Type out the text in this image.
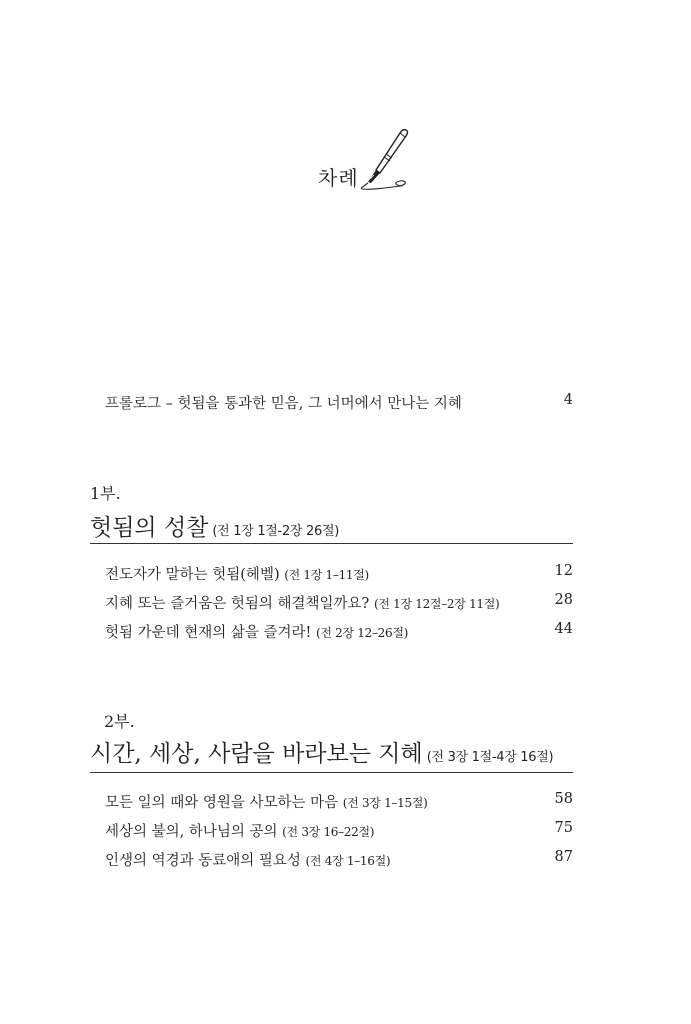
차례
프롤로그 – 헛됨을 통과한 믿음, 그 너머에서 만나는 지혜	4
1부.
헛됨의 성찰 (전 1장 1절-2장 26절)
전도자가 말하는 헛됨(헤벨) (전 1장 1–11절)	12
지혜 또는 즐거움은 헛됨의 해결책일까요? (전 1장 12절–2장 11절)	28
헛됨 가운데 현재의 삶을 즐겨라! (전 2장 12–26절)	44
2부.
시간, 세상, 사람을 바라보는 지혜 (전 3장 1절-4장 16절)
모든 일의 때와 영원을 사모하는 마음 (전 3장 1–15절)	58
세상의 불의, 하나님의 공의 (전 3장 16–22절)	75
인생의 역경과 동료애의 필요성 (전 4장 1–16절)	87
